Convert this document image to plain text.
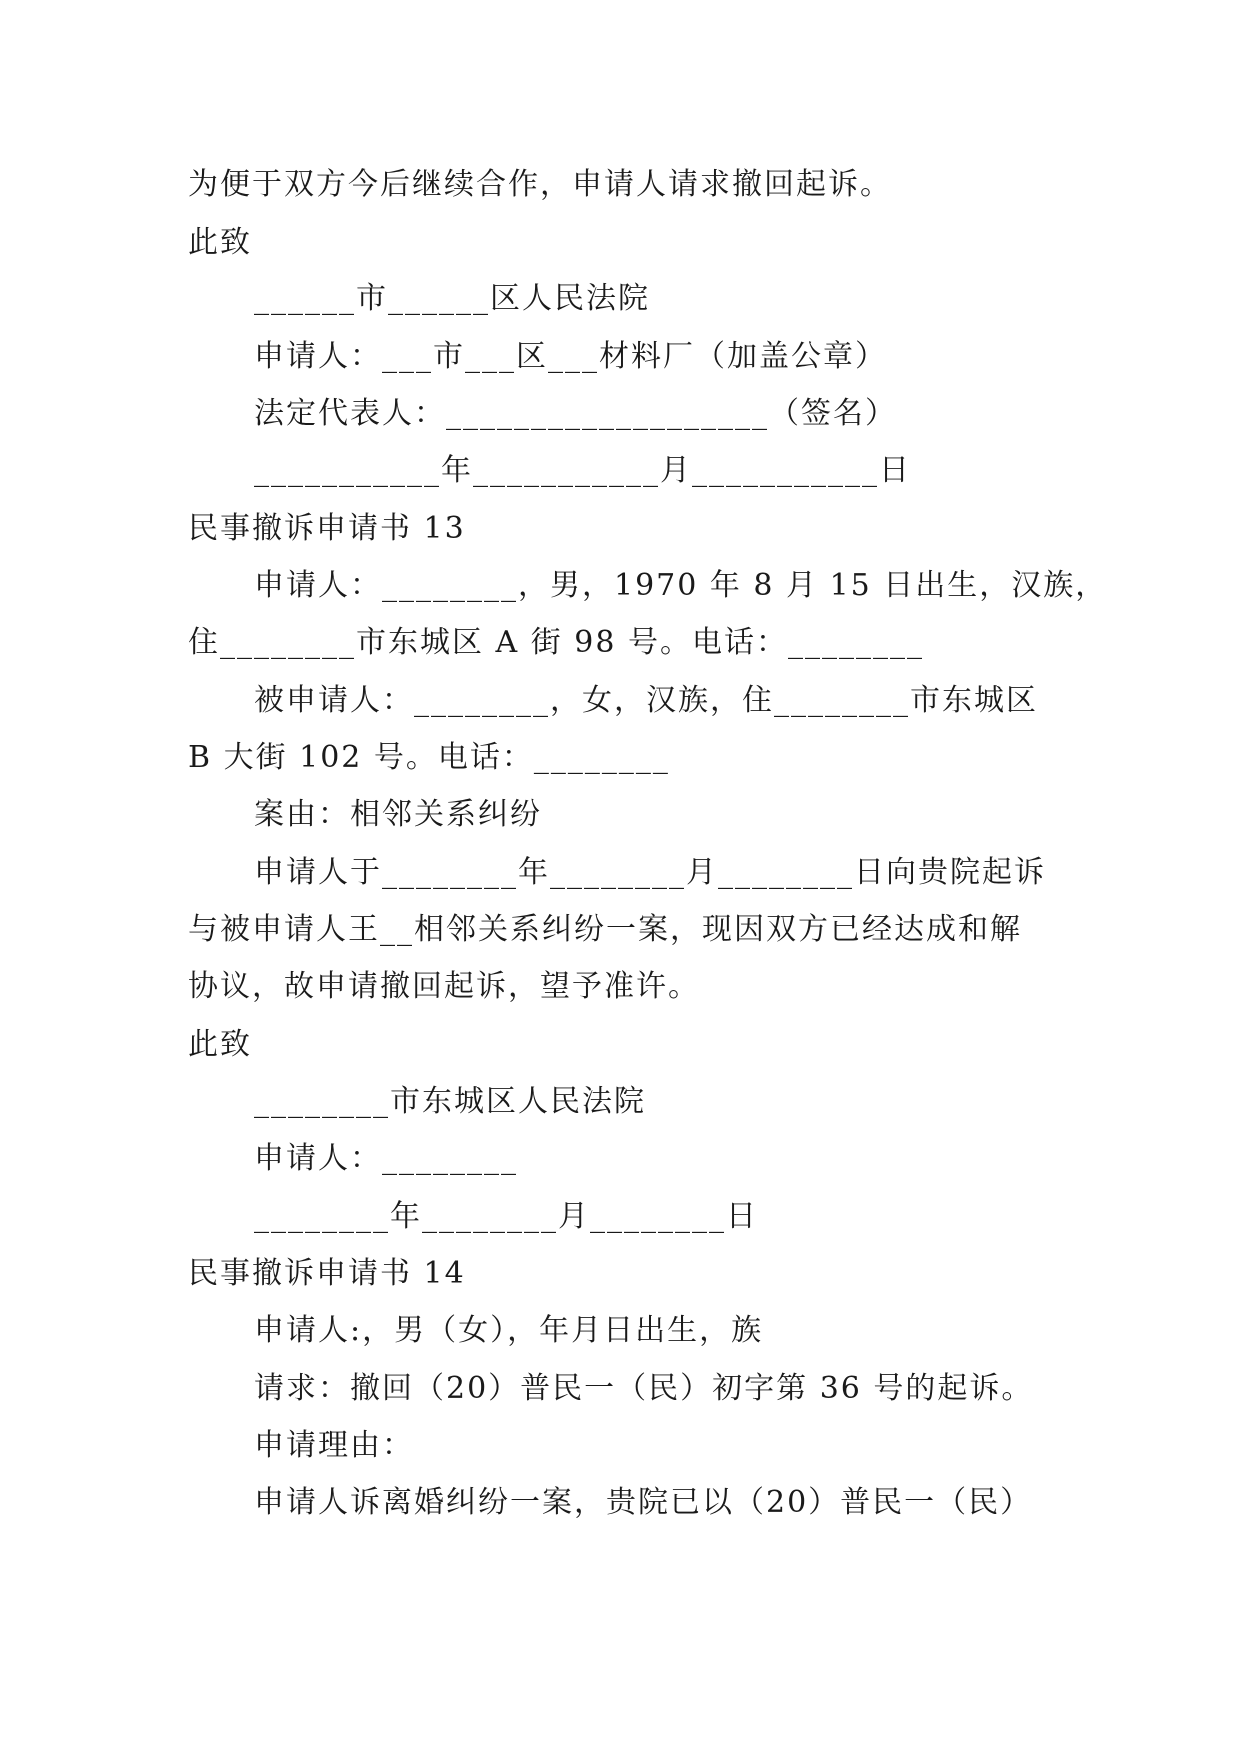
为便于双方今后继续合作，申请人请求撤回起诉。
此致
______市______区人民法院
申请人：___市___区___材料厂（加盖公章）
法定代表人：___________________（签名）
___________年___________月___________日
民事撤诉申请书 13
申请人：________，男，1970 年 8 月 15 日出生，汉族，
住________市东城区 A 街 98 号。电话：________
被申请人：________，女，汉族，住________市东城区
B 大街 102 号。电话：________
案由：相邻关系纠纷
申请人于________年________月________日向贵院起诉
与被申请人王__相邻关系纠纷一案，现因双方已经达成和解
协议，故申请撤回起诉，望予准许。
此致
________市东城区人民法院
申请人：________
________年________月________日
民事撤诉申请书 14
申请人:，男（女），年月日出生，族
请求：撤回（20）普民一（民）初字第 36 号的起诉。
申请理由：
申请人诉离婚纠纷一案，贵院已以（20）普民一（民）
